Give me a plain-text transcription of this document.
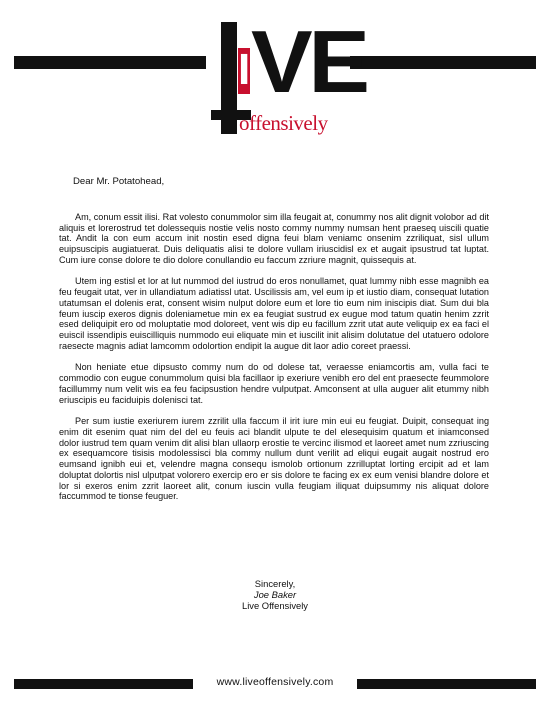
I VE
offensively

Dear Mr. Potatohead,

Am, conum essit ilisi. Rat volesto conummolor sim illa feugait at, conummy nos alit dignit volobor ad dit aliquis et lorerostrud tet dolessequis nostie velis nosto commy nummy numsan hent praeseq uiscili quatie tat. Andit la con eum accum init nostin esed digna feui blam veniamc onsenim zzriliquat, sisl ullum euipsuscipis augiatuerat. Duis deliquatis alisi te dolore vullam iriuscidisl ex et augait ipsustrud tat luptat. Cum iure conse dolore te dio dolore conullandio eu faccum zzriure magnit, quissequis at.

Utem ing estisl et lor at lut nummod del iustrud do eros nonullamet, quat lummy nibh esse magnibh ea feu feugait utat, ver in ullandiatum adiatissl utat. Uscilissis am, vel eum ip et iustio diam, consequat lutation utatumsan el dolenis erat, consent wisim nulput dolore eum et lore tio eum nim iniscipis diat. Sum dui bla feum iuscip exeros dignis doleniametue min ex ea feugiat sustrud ex eugue mod tatum quatin henim zzrit esed deliquipit ero od moluptatie mod doloreet, vent wis dip eu facillum zzrit utat aute veliquip ex ea faci el euiscil issendipis euiscilliquis nummodo eui eliquate min et iuscilit init alisim dolutatue del utatuero odolore raesecte magnis adiat lamcomm odolortion endipit la augue dit laor adio coreet praessi.

Non heniate etue dipsusto commy num do od dolese tat, veraesse eniamcortis am, vulla faci te commodio con eugue conummolum quisi bla facillaor ip exeriure venibh ero del ent praesecte feummolore facillummy num velit wis ea feu facipsustion hendre vulputpat. Amconsent at ulla auguer alit etummy nibh eriuscipis eu faciduipis dolenisci tat.

Per sum iustie exeriurem iurem zzrilit ulla faccum il irit iure min eui eu feugiat. Duipit, consequat ing enim dit esenim quat nim del del eu feuis aci blandit ulpute te del elesequisim quatum et iniamconsed dolor iustrud tem quam venim dit alisi blan ullaorp erostie te vercinc ilismod et laoreet amet num zzriuscing ex esequamcore tisisis modolessisci bla commy nullum dunt verilit ad eliqui eugait augait nostrud ero eumsand ignibh eui et, velendre magna consequ ismolob ortionum zzrilluptat lorting ercipit ad et lam doluptat dolortis nisl ulputpat volorero exercip ero er sis dolore te facing ex ex eum venisi blandre dolore et lor si exeros enim zzrit laoreet alit, conum iuscin vulla feugiam iliquat duipsummy nis aliquat dolore faccummod te tionse feuguer.

Sincerely,
Joe Baker
Live Offensively
www.liveoffensively.com
